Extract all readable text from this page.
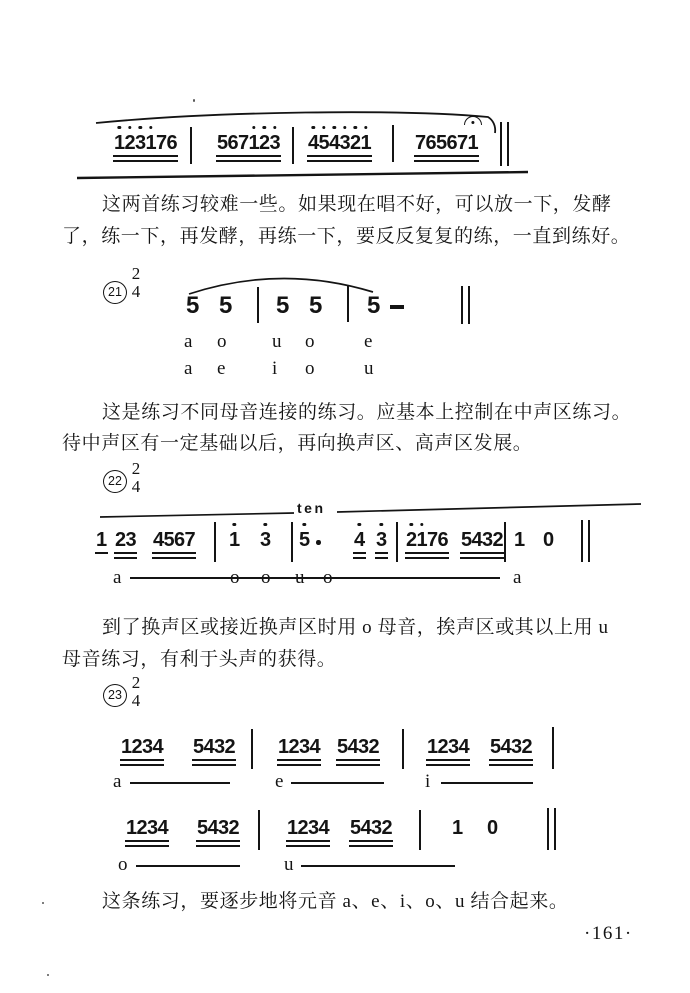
1 2 3 1 7 6 5 6 7 1 2 3 4 5 4 3 2 1 7 6 5 6 7 1
这两首练习较难一些。如果现在唱不好，可以放一下，发酵
了，练一下，再发酵，再练一下，要反反复复的练，一直到练好。
21
2
4
5 5 5 5 5
a o u o	e
a e i o	u
这是练习不同母音连接的练习。应基本上控制在中声区练习。
待中声区有一定基础以后，再向换声区、高声区发展。
22
2
4
ten
1 2 3 4 5 6 7 1 3 5 4 3 2 1 7 6 5 4 3 2 1 0
a	o o u o	a
到了换声区或接近换声区时用 o 母音，挨声区或其以上用 u
母音练习，有利于头声的获得。
23
2
4
1 2 3 4 5 4 3 2 1 2 3 4 5 4 3 2 1 2 3 4 5 4 3 2
a	e	i
1 2 3 4 5 4 3 2 1 2 3 4 5 4 3 2	1 0
o	u
这条练习，要逐步地将元音 a、e、i、o、u 结合起来。
·161·
